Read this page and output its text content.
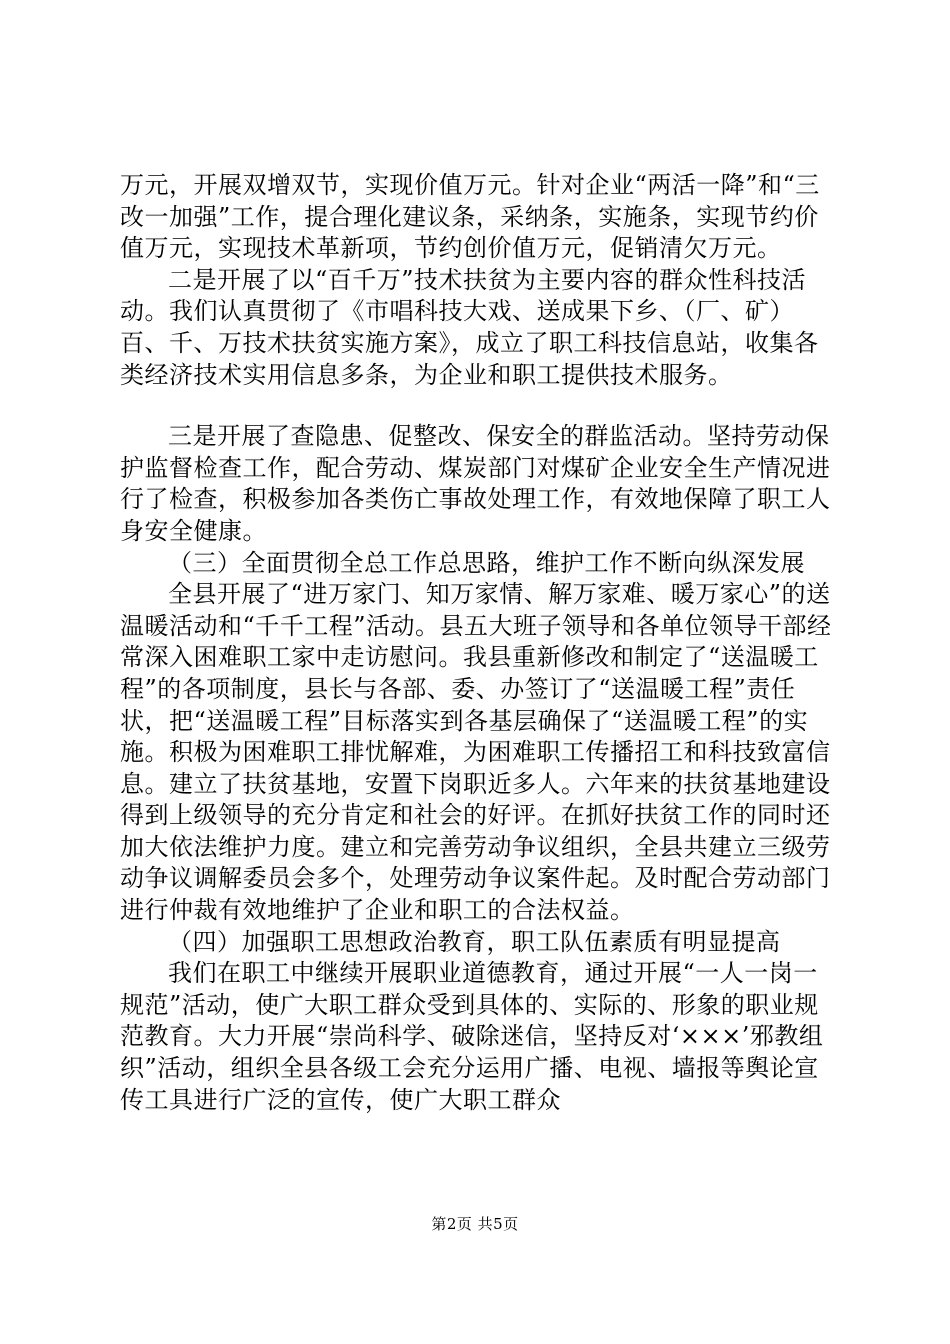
万元，开展双增双节，实现价值万元。针对企业“两活一降”和“三改一加强”工作，提合理化建议条，采纳条，实施条，实现节约价值万元，实现技术革新项，节约创价值万元，促销清欠万元。

二是开展了以“百千万”技术扶贫为主要内容的群众性科技活动。我们认真贯彻了《市唱科技大戏、送成果下乡、（厂、矿）百、千、万技术扶贫实施方案》，成立了职工科技信息站，收集各类经济技术实用信息多条，为企业和职工提供技术服务。

三是开展了查隐患、促整改、保安全的群监活动。坚持劳动保护监督检查工作，配合劳动、煤炭部门对煤矿企业安全生产情况进行了检查，积极参加各类伤亡事故处理工作，有效地保障了职工人身安全健康。

（三）全面贯彻全总工作总思路，维护工作不断向纵深发展

全县开展了“进万家门、知万家情、解万家难、暖万家心”的送温暖活动和“千千工程”活动。县五大班子领导和各单位领导干部经常深入困难职工家中走访慰问。我县重新修改和制定了“送温暖工程”的各项制度，县长与各部、委、办签订了“送温暖工程”责任状，把“送温暖工程”目标落实到各基层确保了“送温暖工程”的实施。积极为困难职工排忧解难，为困难职工传播招工和科技致富信息。建立了扶贫基地，安置下岗职近多人。六年来的扶贫基地建设得到上级领导的充分肯定和社会的好评。在抓好扶贫工作的同时还加大依法维护力度。建立和完善劳动争议组织，全县共建立三级劳动争议调解委员会多个，处理劳动争议案件起。及时配合劳动部门进行仲裁有效地维护了企业和职工的合法权益。

（四）加强职工思想政治教育，职工队伍素质有明显提高

我们在职工中继续开展职业道德教育，通过开展“一人一岗一规范”活动，使广大职工群众受到具体的、实际的、形象的职业规范教育。大力开展“崇尚科学、破除迷信，坚持反对‘×××’邪教组织”活动，组织全县各级工会充分运用广播、电视、墙报等舆论宣传工具进行广泛的宣传，使广大职工群众

第2页 共5页
